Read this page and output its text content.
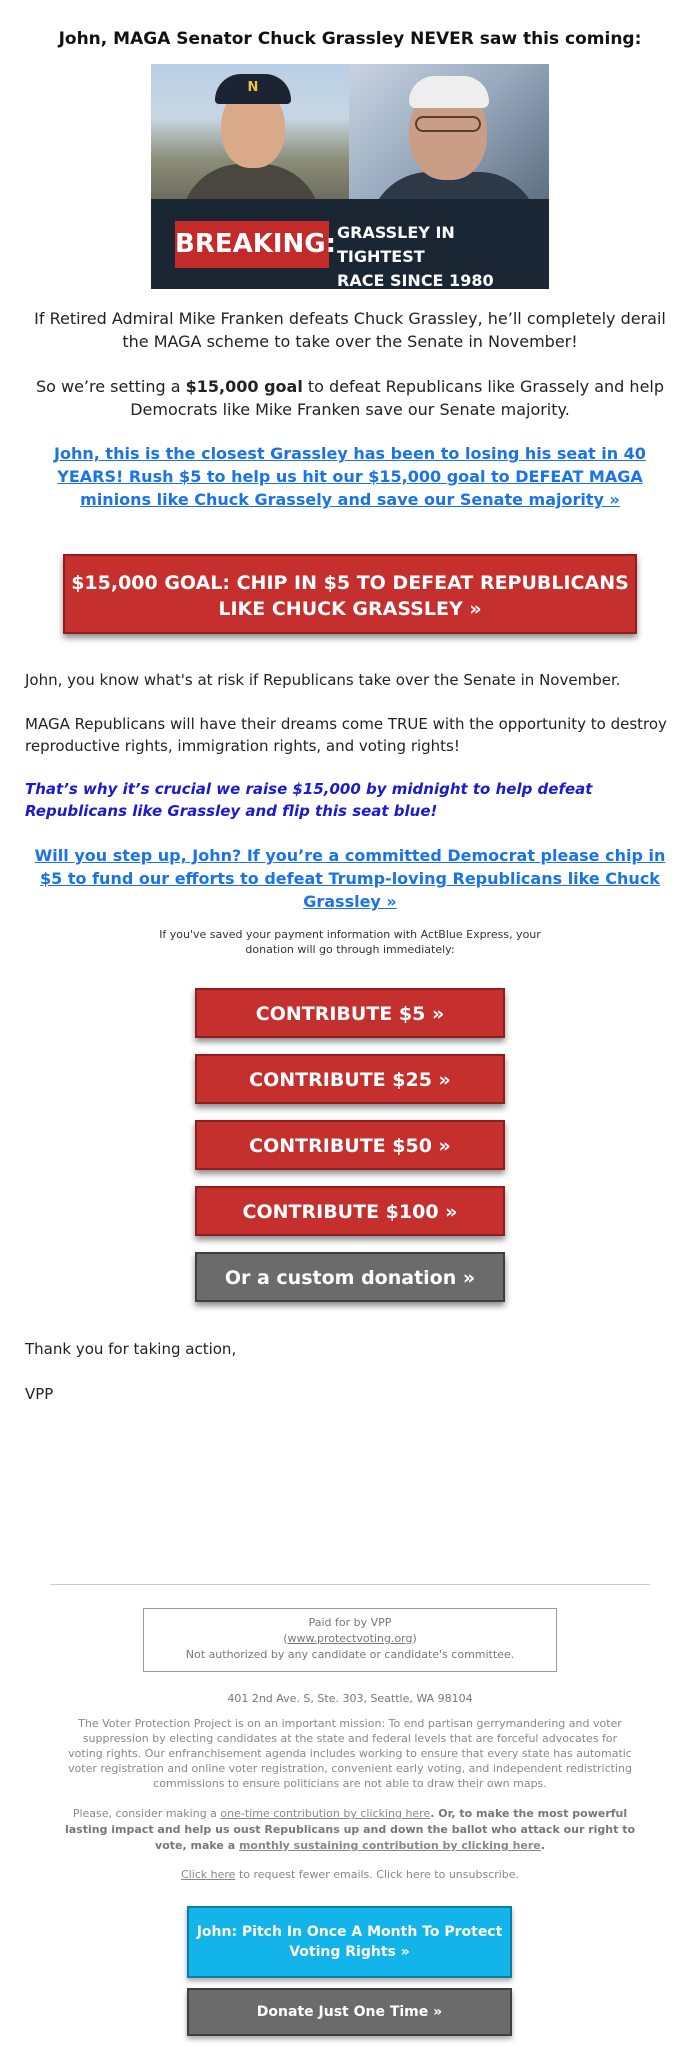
John, MAGA Senator Chuck Grassley NEVER saw this coming:
N
BREAKING: GRASSLEY IN TIGHTEST
RACE SINCE 1980

If Retired Admiral Mike Franken defeats Chuck Grassley, he’ll completely derail the MAGA scheme to take over the Senate in November!

So we’re setting a $15,000 goal to defeat Republicans like Grassely and help Democrats like Mike Franken save our Senate majority.

John, this is the closest Grassley has been to losing his seat in 40 YEARS! Rush $5 to help us hit our $15,000 goal to DEFEAT MAGA minions like Chuck Grassely and save our Senate majority »
$15,000 GOAL: CHIP IN $5 TO DEFEAT REPUBLICANS LIKE CHUCK GRASSLEY »

John, you know what's at risk if Republicans take over the Senate in November.

MAGA Republicans will have their dreams come TRUE with the opportunity to destroy reproductive rights, immigration rights, and voting rights!

That’s why it’s crucial we raise $15,000 by midnight to help defeat Republicans like Grassley and flip this seat blue!

Will you step up, John? If you’re a committed Democrat please chip in $5 to fund our efforts to defeat Trump-loving Republicans like Chuck Grassley »
If you've saved your payment information with ActBlue Express, your donation will go through immediately:
CONTRIBUTE $5 »
CONTRIBUTE $25 »
CONTRIBUTE $50 »
CONTRIBUTE $100 »
Or a custom donation »

Thank you for taking action,

VPP

Paid for by VPP
(www.protectvoting.org)
Not authorized by any candidate or candidate's committee.
401 2nd Ave. S, Ste. 303, Seattle, WA 98104
The Voter Protection Project is on an important mission: To end partisan gerrymandering and voter suppression by electing candidates at the state and federal levels that are forceful advocates for voting rights. Our enfranchisement agenda includes working to ensure that every state has automatic voter registration and online voter registration, convenient early voting, and independent redistricting commissions to ensure politicians are not able to draw their own maps.
Please, consider making a one-time contribution by clicking here. Or, to make the most powerful lasting impact and help us oust Republicans up and down the ballot who attack our right to vote, make a monthly sustaining contribution by clicking here.
Click here to request fewer emails. Click here to unsubscribe.
John: Pitch In Once A Month To Protect Voting Rights »
Donate Just One Time »
